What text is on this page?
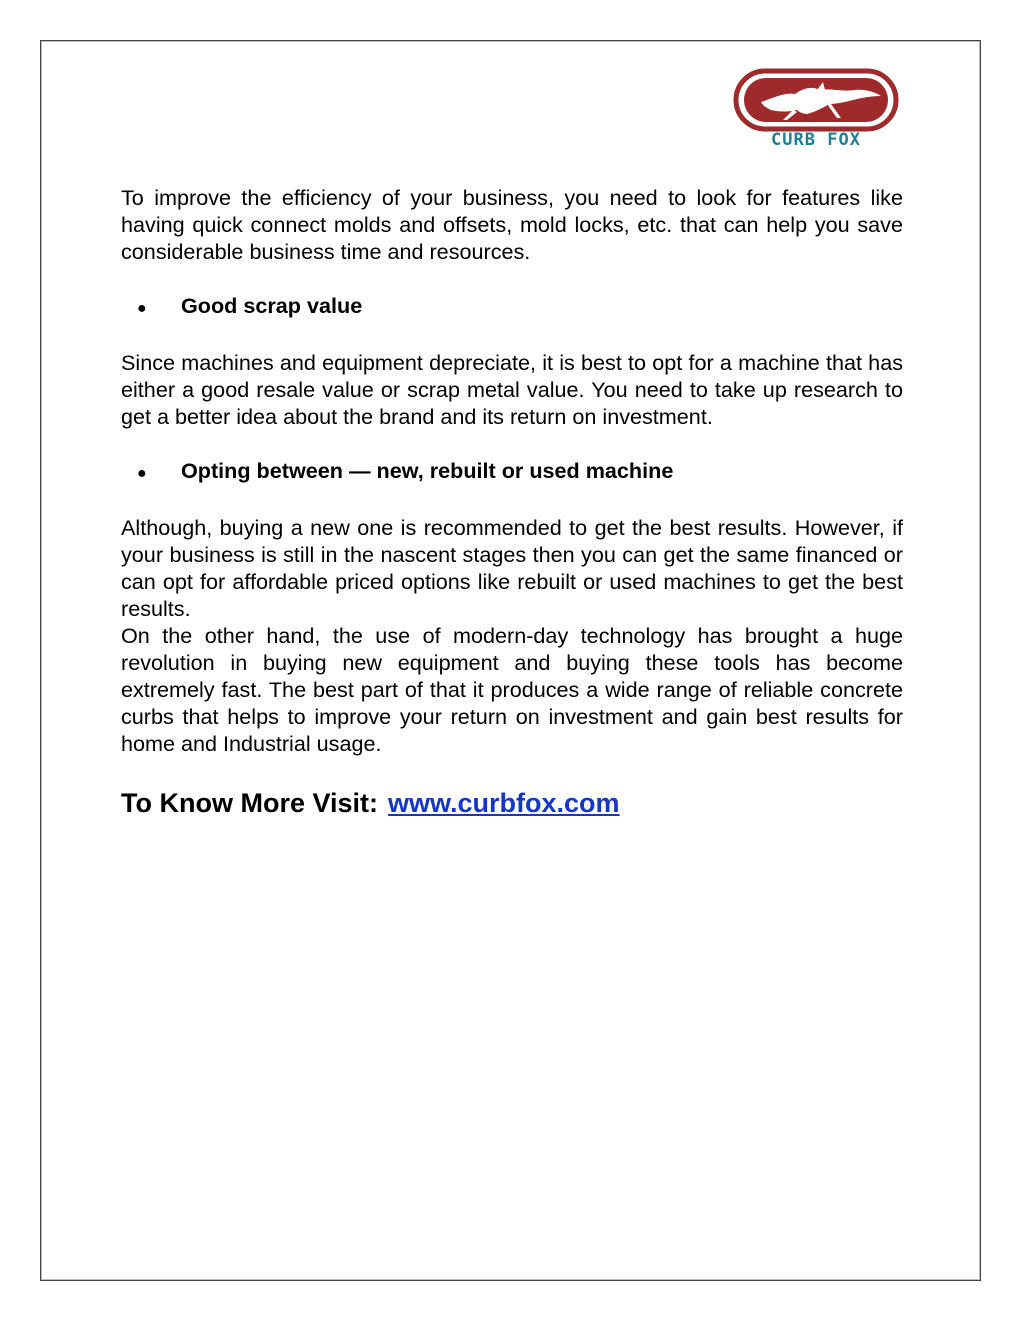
CURB FOX

To improve the efficiency of your business, you need to look for features like having quick connect molds and offsets, mold locks, etc. that can help you save considerable business time and resources.

●	Good scrap value

Since machines and equipment depreciate, it is best to opt for a machine that has either a good resale value or scrap metal value. You need to take up research to get a better idea about the brand and its return on investment.

●	Opting between — new, rebuilt or used machine

Although, buying a new one is recommended to get the best results. However, if your business is still in the nascent stages then you can get the same financed or can opt for affordable priced options like rebuilt or used machines to get the best results.

On the other hand, the use of modern-day technology has brought a huge revolution in buying new equipment and buying these tools has become extremely fast. The best part of that it produces a wide range of reliable concrete curbs that helps to improve your return on investment and gain best results for home and Industrial usage.

To Know More Visit: www.curbfox.com
